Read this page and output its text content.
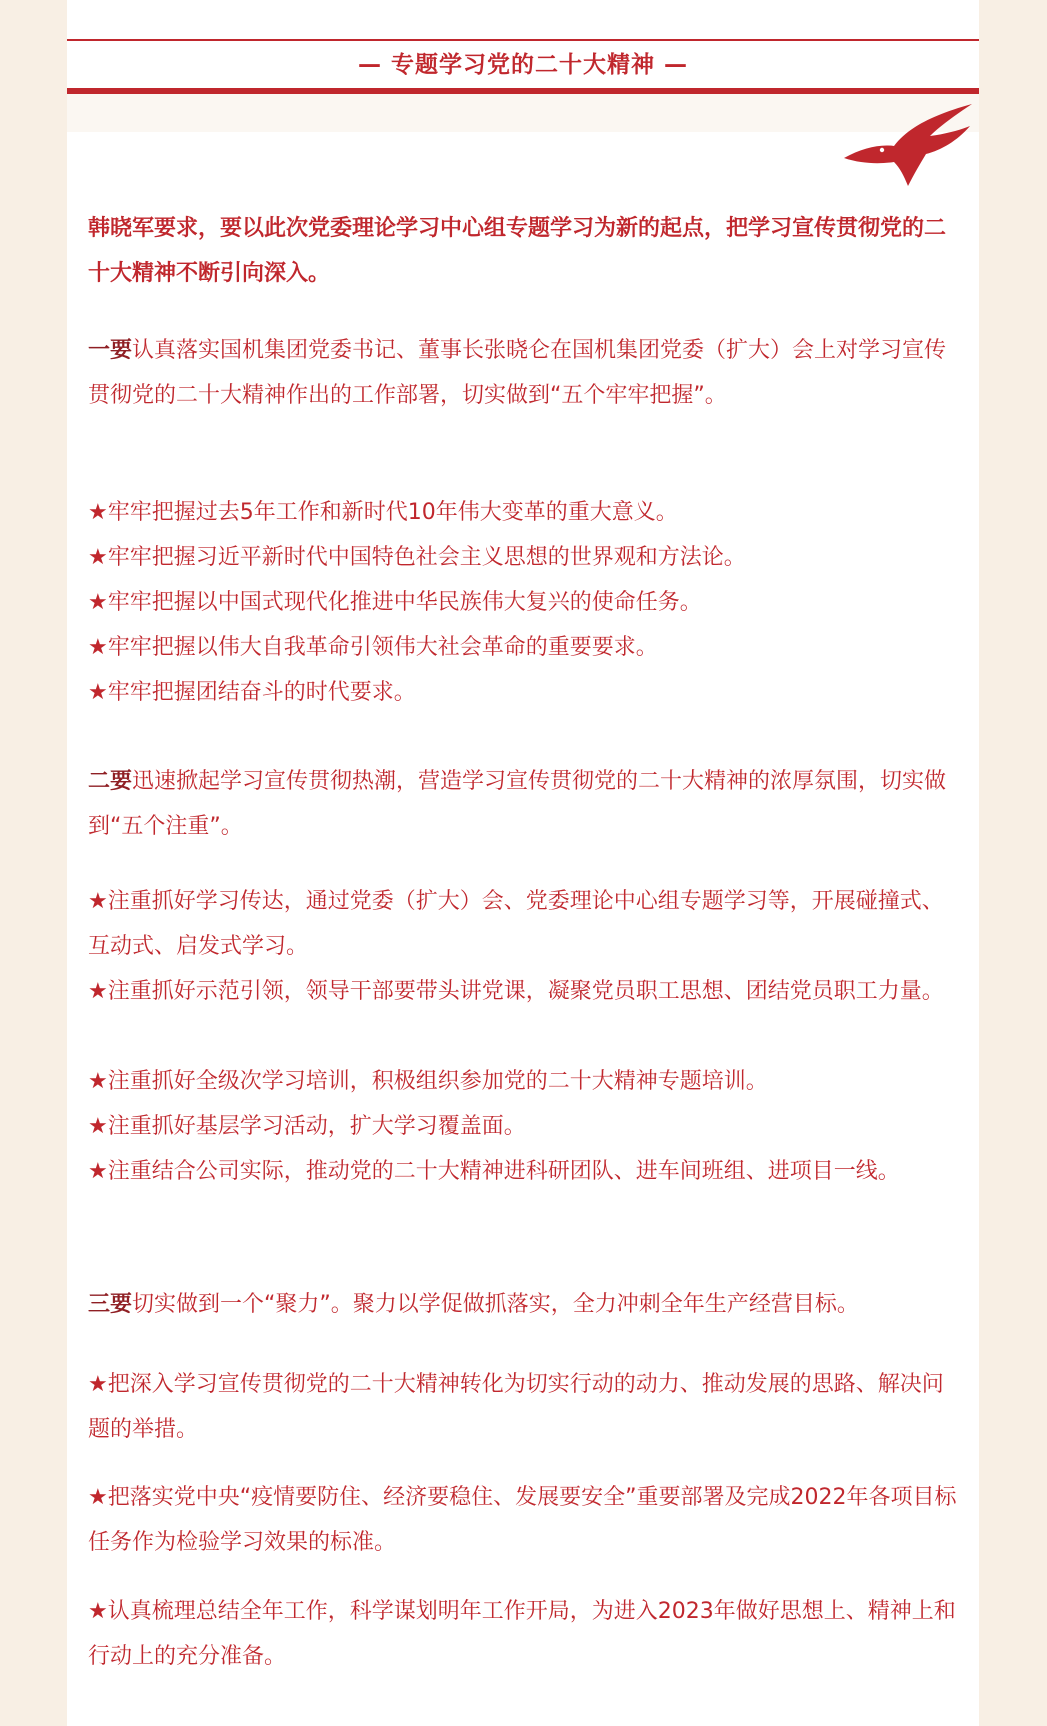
— 专题学习党的二十大精神 —

韩晓军要求，要以此次党委理论学习中心组专题学习为新的起点，把学习宣传贯彻党的二十大精神不断引向深入。

一要认真落实国机集团党委书记、董事长张晓仑在国机集团党委（扩大）会上对学习宣传贯彻党的二十大精神作出的工作部署，切实做到“五个牢牢把握”。

★牢牢把握过去5年工作和新时代10年伟大变革的重大意义。

★牢牢把握习近平新时代中国特色社会主义思想的世界观和方法论。

★牢牢把握以中国式现代化推进中华民族伟大复兴的使命任务。

★牢牢把握以伟大自我革命引领伟大社会革命的重要要求。

★牢牢把握团结奋斗的时代要求。

二要迅速掀起学习宣传贯彻热潮，营造学习宣传贯彻党的二十大精神的浓厚氛围，切实做到“五个注重”。

★注重抓好学习传达，通过党委（扩大）会、党委理论中心组专题学习等，开展碰撞式、互动式、启发式学习。

★注重抓好示范引领，领导干部要带头讲党课，凝聚党员职工思想、团结党员职工力量。

★注重抓好全级次学习培训，积极组织参加党的二十大精神专题培训。

★注重抓好基层学习活动，扩大学习覆盖面。

★注重结合公司实际，推动党的二十大精神进科研团队、进车间班组、进项目一线。

三要切实做到一个“聚力”。聚力以学促做抓落实，全力冲刺全年生产经营目标。

★把深入学习宣传贯彻党的二十大精神转化为切实行动的动力、推动发展的思路、解决问题的举措。

★把落实党中央“疫情要防住、经济要稳住、发展要安全”重要部署及完成2022年各项目标任务作为检验学习效果的标准。

★认真梳理总结全年工作，科学谋划明年工作开局，为进入2023年做好思想上、精神上和行动上的充分准备。
